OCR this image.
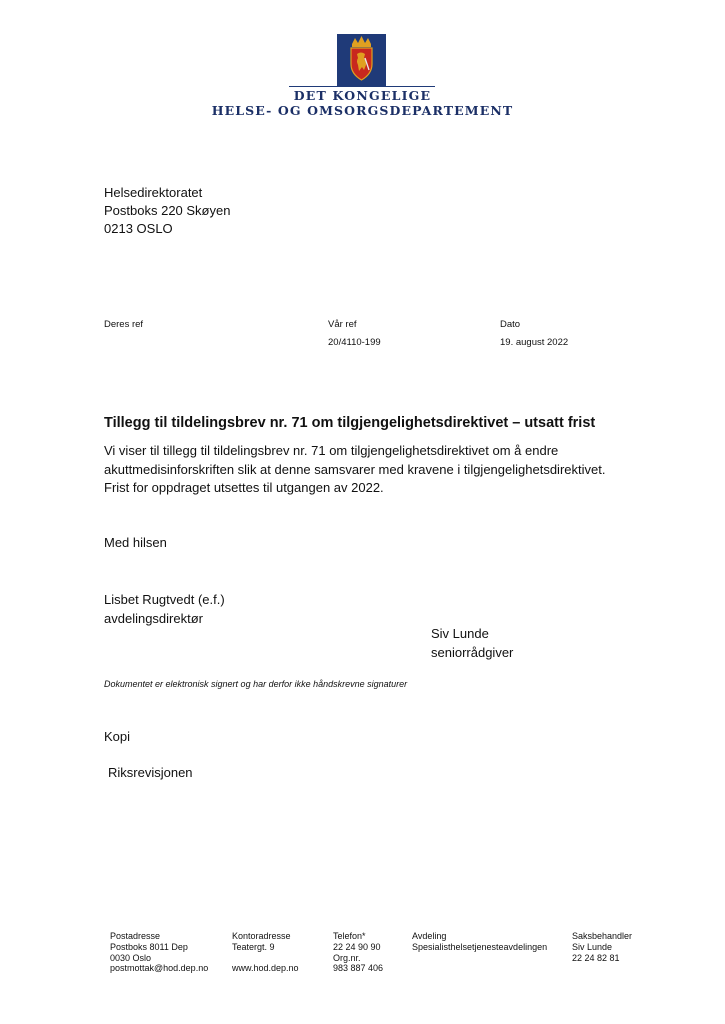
DET KONGELIGE
HELSE- OG OMSORGSDEPARTEMENT
Helsedirektoratet
Postboks 220 Skøyen
0213 OSLO
Deres ref	Vår ref
20/4110-199
Dato
19. august 2022
Tillegg til tildelingsbrev nr. 71 om tilgjengelighetsdirektivet – utsatt frist
Vi viser til tillegg til tildelingsbrev nr. 71 om tilgjengelighetsdirektivet om å endre
akuttmedisinforskriften slik at denne samsvarer med kravene i tilgjengelighetsdirektivet.
Frist for oppdraget utsettes til utgangen av 2022.
Med hilsen
Lisbet Rugtvedt (e.f.)
avdelingsdirektør
Siv Lunde
seniorrådgiver
Dokumentet er elektronisk signert og har derfor ikke håndskrevne signaturer
Kopi
Riksrevisjonen
Postadresse
Postboks 8011 Dep
0030 Oslo
postmottak@hod.dep.no
Kontoradresse
Teatergt. 9

www.hod.dep.no
Telefon*
22 24 90 90
Org.nr.
983 887 406
Avdeling
Spesialisthelsetjenesteavdelingen
Saksbehandler
Siv Lunde
22 24 82 81
